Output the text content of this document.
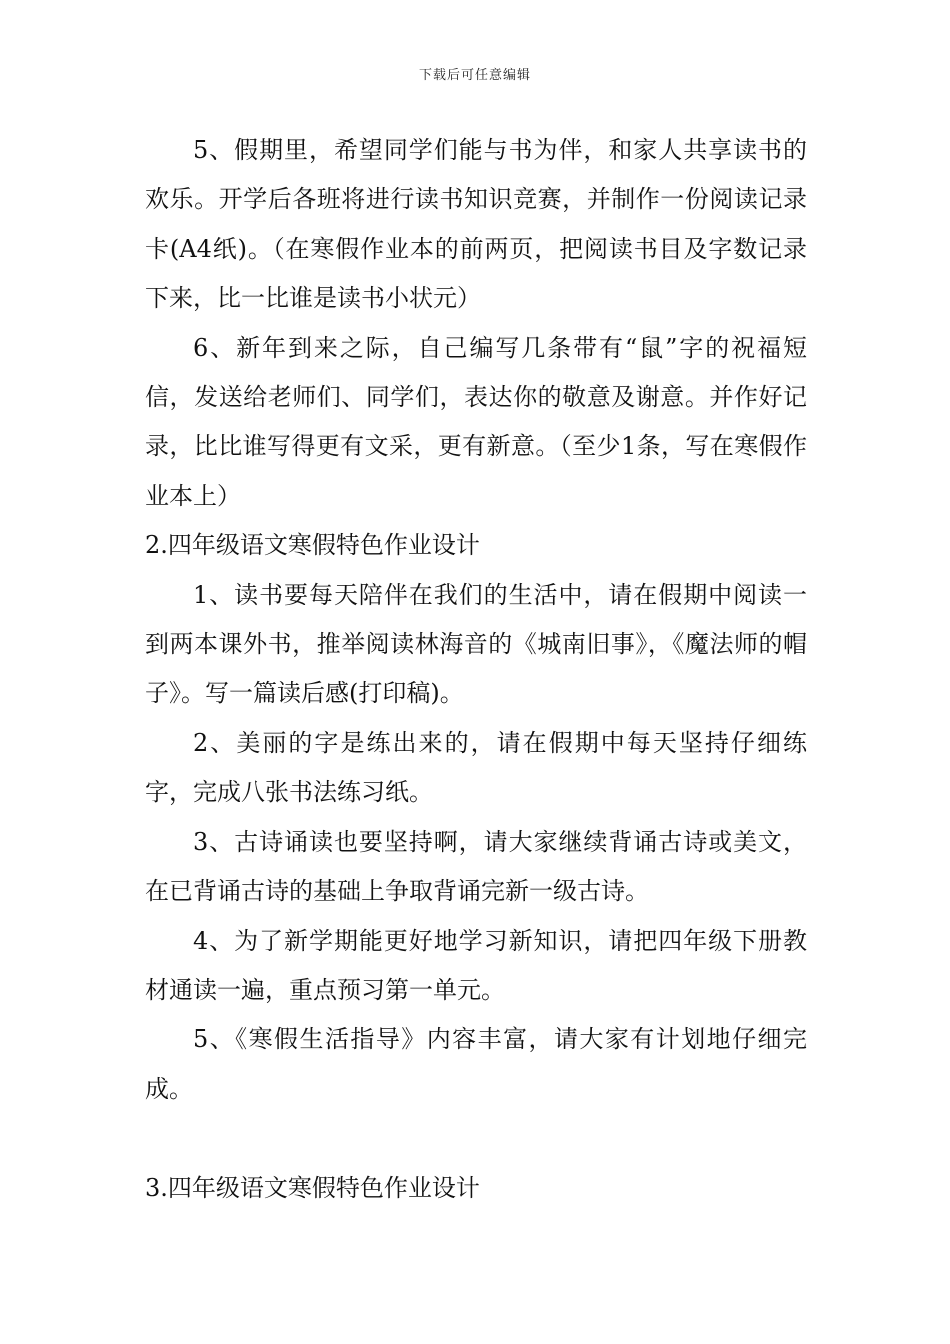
下载后可任意编辑

5、假期里，希望同学们能与书为伴，和家人共享读书的欢乐。开学后各班将进行读书知识竞赛，并制作一份阅读记录卡(A4纸)。（在寒假作业本的前两页，把阅读书目及字数记录下来，比一比谁是读书小状元）

6、新年到来之际，自己编写几条带有“鼠”字的祝福短信，发送给老师们、同学们，表达你的敬意及谢意。并作好记录，比比谁写得更有文采，更有新意。（至少1条，写在寒假作业本上）

2.四年级语文寒假特色作业设计

1、读书要每天陪伴在我们的生活中，请在假期中阅读一到两本课外书，推举阅读林海音的《城南旧事》，《魔法师的帽子》。写一篇读后感(打印稿)。

2、美丽的字是练出来的，请在假期中每天坚持仔细练字，完成八张书法练习纸。

3、古诗诵读也要坚持啊，请大家继续背诵古诗或美文，在已背诵古诗的基础上争取背诵完新一级古诗。

4、为了新学期能更好地学习新知识，请把四年级下册教材通读一遍，重点预习第一单元。

5、《寒假生活指导》内容丰富，请大家有计划地仔细完成。

3.四年级语文寒假特色作业设计
